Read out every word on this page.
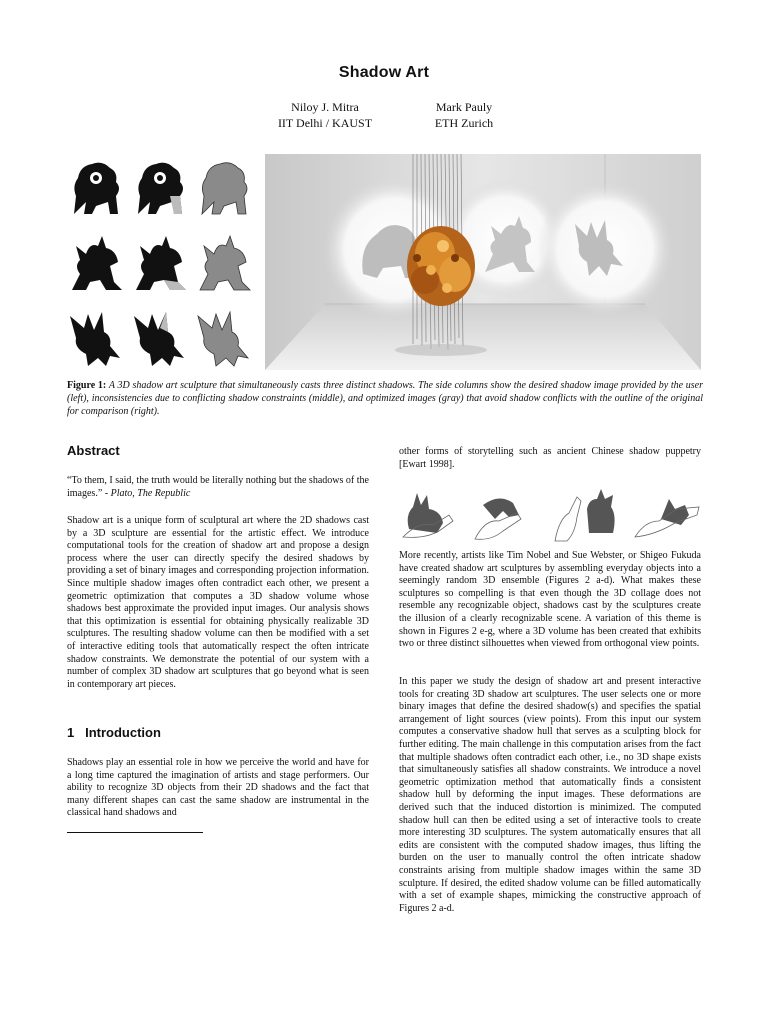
Shadow Art
Niloy J. Mitra
IIT Delhi / KAUST
Mark Pauly
ETH Zurich
Figure 1: A 3D shadow art sculpture that simultaneously casts three distinct shadows. The side columns show the desired shadow image provided by the user (left), inconsistencies due to conflicting shadow constraints (middle), and optimized images (gray) that avoid shadow conflicts with the outline of the original for comparison (right).
Abstract
“To them, I said, the truth would be literally nothing but the shadows of the images.” - Plato, The Republic
Shadow art is a unique form of sculptural art where the 2D shadows cast by a 3D sculpture are essential for the artistic effect. We introduce computational tools for the creation of shadow art and propose a design process where the user can directly specify the desired shadows by providing a set of binary images and corresponding projection information. Since multiple shadow images often contradict each other, we present a geometric optimization that computes a 3D shadow volume whose shadows best approximate the provided input images. Our analysis shows that this optimization is essential for obtaining physically realizable 3D sculptures. The resulting shadow volume can then be modified with a set of interactive editing tools that automatically respect the often intricate shadow constraints. We demonstrate the potential of our system with a number of complex 3D shadow art sculptures that go beyond what is seen in contemporary art pieces.
1 Introduction
Shadows play an essential role in how we perceive the world and have for a long time captured the imagination of artists and stage performers. Our ability to recognize 3D objects from their 2D shadows and the fact that many different shapes can cast the same shadow are instrumental in the classical hand shadows and
other forms of storytelling such as ancient Chinese shadow puppetry [Ewart 1998].
More recently, artists like Tim Nobel and Sue Webster, or Shigeo Fukuda have created shadow art sculptures by assembling everyday objects into a seemingly random 3D ensemble (Figures 2 a-d). What makes these sculptures so compelling is that even though the 3D collage does not resemble any recognizable object, shadows cast by the sculptures create the illusion of a clearly recognizable scene. A variation of this theme is shown in Figures 2 e-g, where a 3D volume has been created that exhibits two or three distinct silhouettes when viewed from orthogonal view points.
In this paper we study the design of shadow art and present interactive tools for creating 3D shadow art sculptures. The user selects one or more binary images that define the desired shadow(s) and specifies the spatial arrangement of light sources (view points). From this input our system computes a conservative shadow hull that serves as a sculpting block for further editing. The main challenge in this computation arises from the fact that multiple shadows often contradict each other, i.e., no 3D shape exists that simultaneously satisfies all shadow constraints. We introduce a novel geometric optimization method that automatically finds a consistent shadow hull by deforming the input images. These deformations are derived such that the induced distortion is minimized. The computed shadow hull can then be edited using a set of interactive tools to create more interesting 3D sculptures. The system automatically ensures that all edits are consistent with the computed shadow images, thus lifting the burden on the user to manually control the often intricate shadow constraints arising from multiple shadow images within the same 3D sculpture. If desired, the edited shadow volume can be filled automatically with a set of example shapes, mimicking the constructive approach of Figures 2 a-d.
